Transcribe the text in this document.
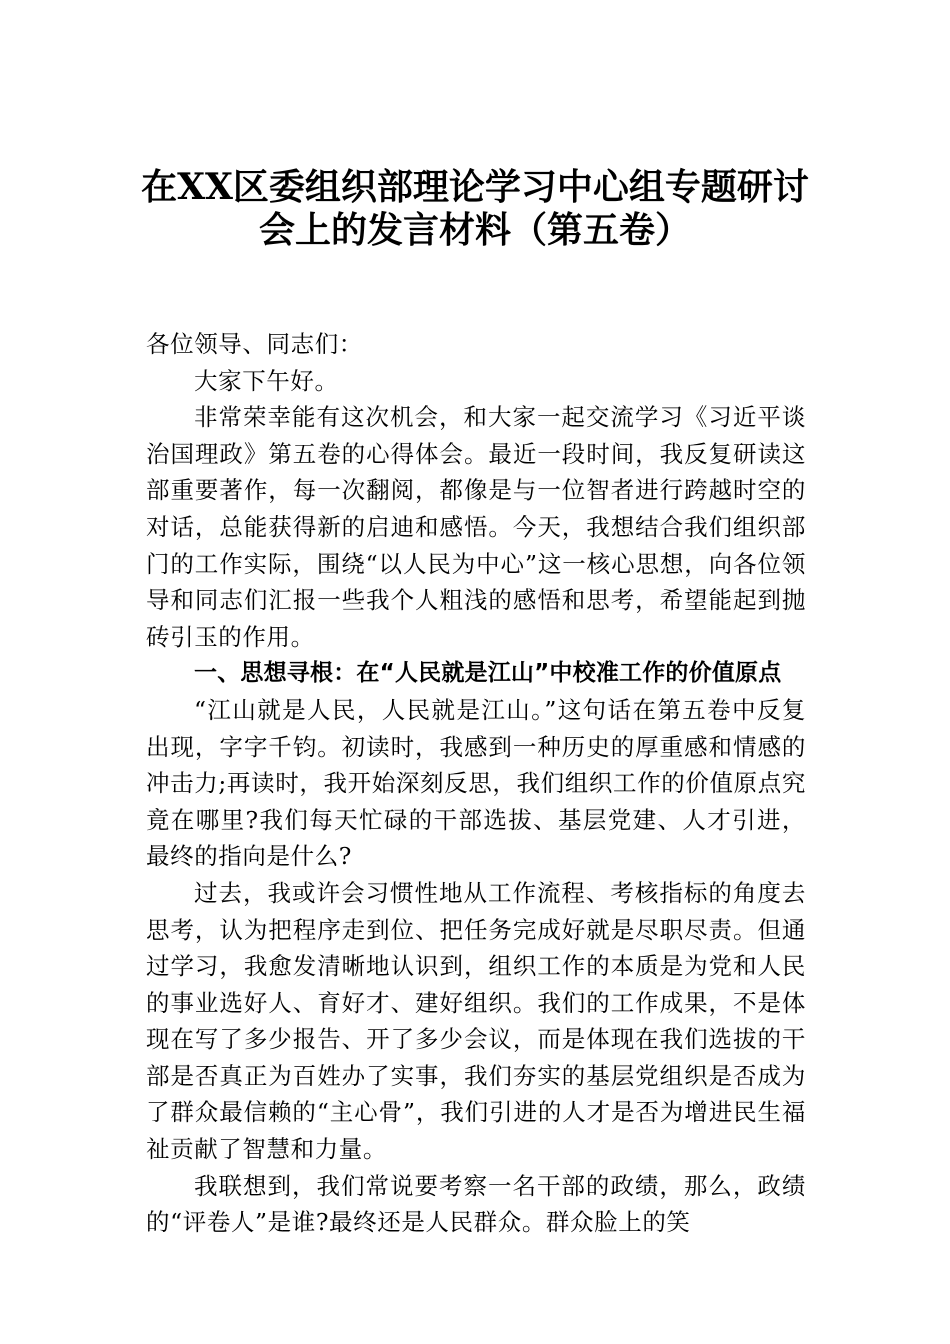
在XX区委组织部理论学习中心组专题研讨
会上的发言材料（第五卷）

各位领导、同志们：

大家下午好。

非常荣幸能有这次机会，和大家一起交流学习《习近平谈治国理政》第五卷的心得体会。最近一段时间，我反复研读这部重要著作，每一次翻阅，都像是与一位智者进行跨越时空的对话，总能获得新的启迪和感悟。今天，我想结合我们组织部门的工作实际，围绕“以人民为中心”这一核心思想，向各位领导和同志们汇报一些我个人粗浅的感悟和思考，希望能起到抛砖引玉的作用。

一、思想寻根：在“人民就是江山”中校准工作的价值原点

“江山就是人民，人民就是江山。”这句话在第五卷中反复出现，字字千钧。初读时，我感到一种历史的厚重感和情感的冲击力;再读时，我开始深刻反思，我们组织工作的价值原点究竟在哪里?我们每天忙碌的干部选拔、基层党建、人才引进，最终的指向是什么?

过去，我或许会习惯性地从工作流程、考核指标的角度去思考，认为把程序走到位、把任务完成好就是尽职尽责。但通过学习，我愈发清晰地认识到，组织工作的本质是为党和人民的事业选好人、育好才、建好组织。我们的工作成果，不是体现在写了多少报告、开了多少会议，而是体现在我们选拔的干部是否真正为百姓办了实事，我们夯实的基层党组织是否成为了群众最信赖的“主心骨”，我们引进的人才是否为增进民生福祉贡献了智慧和力量。

我联想到，我们常说要考察一名干部的政绩，那么，政绩的“评卷人”是谁?最终还是人民群众。群众脸上的笑
